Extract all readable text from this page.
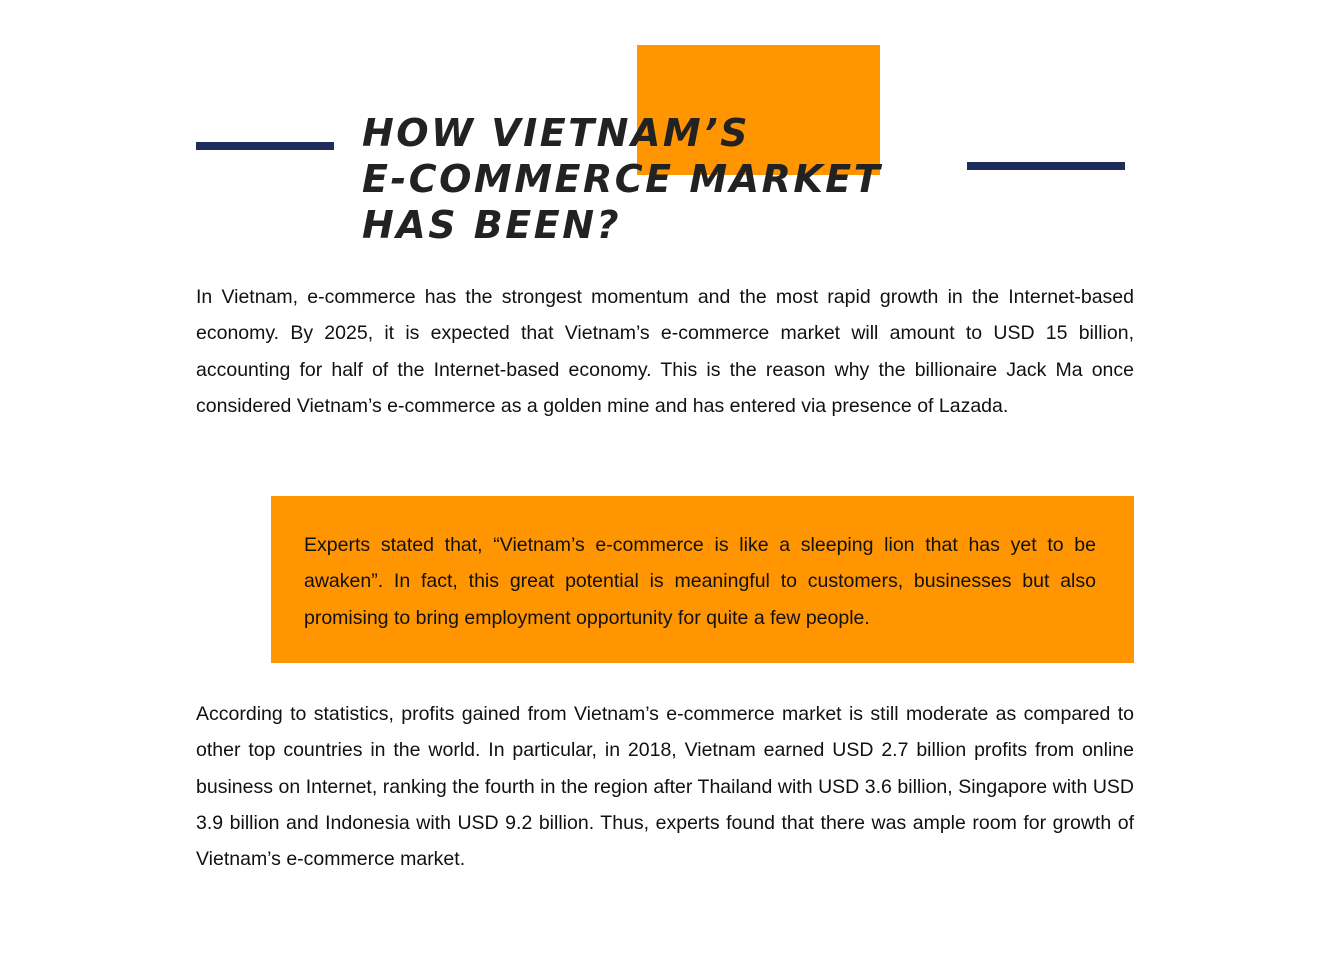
HOW VIETNAM’S
E-COMMERCE MARKET
HAS BEEN?

In Vietnam, e-commerce has the strongest momentum and the most rapid growth in the Internet-based economy. By 2025, it is expected that Vietnam’s e-commerce market will amount to USD 15 billion, accounting for half of the Internet-based economy. This is the reason why the billionaire Jack Ma once considered Vietnam’s e-commerce as a golden mine and has entered via presence of Lazada.

Experts stated that, “Vietnam’s e-commerce is like a sleeping lion that has yet to be awaken”. In fact, this great potential is meaningful to customers, businesses but also promising to bring employment opportunity for quite a few people.

According to statistics, profits gained from Vietnam’s e-commerce market is still moderate as compared to other top countries in the world. In particular, in 2018, Vietnam earned USD 2.7 billion profits from online business on Internet, ranking the fourth in the region after Thailand with USD 3.6 billion, Singapore with USD 3.9 billion and Indonesia with USD 9.2 billion. Thus, experts found that there was ample room for growth of Vietnam’s e-commerce market.
